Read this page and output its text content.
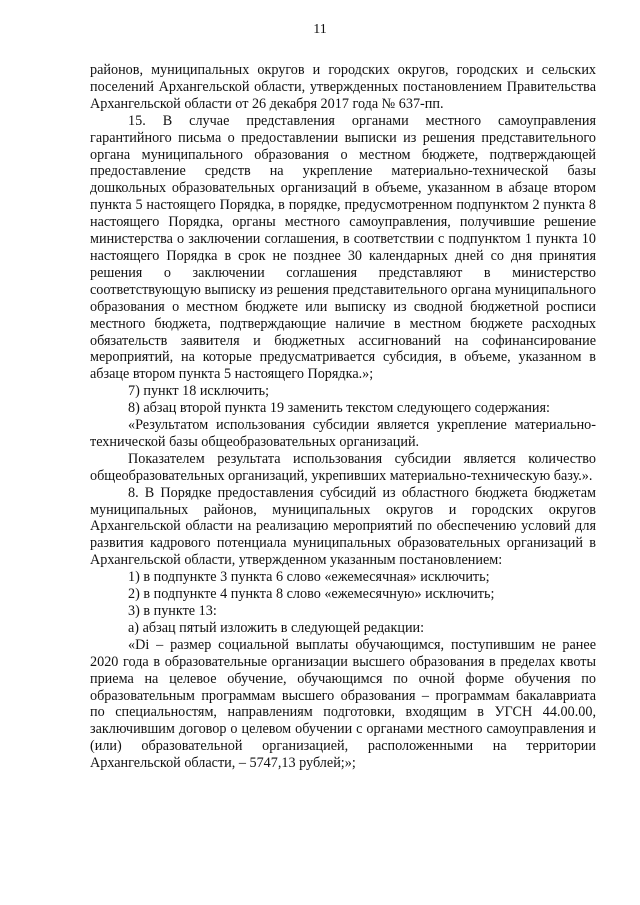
11

районов, муниципальных округов и городских округов, городских и сельских поселений Архангельской области, утвержденных постановлением Правительства Архангельской области от 26 декабря 2017 года № 637-пп.

15. В случае представления органами местного самоуправления гарантийного письма о предоставлении выписки из решения представительного органа муниципального образования о местном бюджете, подтверждающей предоставление средств на укрепление материально-технической базы дошкольных образовательных организаций в объеме, указанном в абзаце втором пункта 5 настоящего Порядка, в порядке, предусмотренном подпунктом 2 пункта 8 настоящего Порядка, органы местного самоуправления, получившие решение министерства о заключении соглашения, в соответствии с подпунктом 1 пункта 10 настоящего Порядка в срок не позднее 30 календарных дней со дня принятия решения о заключении соглашения представляют в министерство соответствующую выписку из решения представительного органа муниципального образования о местном бюджете или выписку из сводной бюджетной росписи местного бюджета, подтверждающие наличие в местном бюджете расходных обязательств заявителя и бюджетных ассигнований на софинансирование мероприятий, на которые предусматривается субсидия, в объеме, указанном в абзаце втором пункта 5 настоящего Порядка.»;

7) пункт 18 исключить;

8) абзац второй пункта 19 заменить текстом следующего содержания:

«Результатом использования субсидии является укрепление материально-технической базы общеобразовательных организаций.

Показателем результата использования субсидии является количество общеобразовательных организаций, укрепивших материально-техническую базу.».

8. В Порядке предоставления субсидий из областного бюджета бюджетам муниципальных районов, муниципальных округов и городских округов Архангельской области на реализацию мероприятий по обеспечению условий для развития кадрового потенциала муниципальных образовательных организаций в Архангельской области, утвержденном указанным постановлением:

1) в подпункте 3 пункта 6 слово «ежемесячная» исключить;

2) в подпункте 4 пункта 8 слово «ежемесячную» исключить;

3) в пункте 13:

а) абзац пятый изложить в следующей редакции:

«Di – размер социальной выплаты обучающимся, поступившим не ранее 2020 года в образовательные организации высшего образования в пределах квоты приема на целевое обучение, обучающимся по очной форме обучения по образовательным программам высшего образования – программам бакалавриата по специальностям, направлениям подготовки, входящим в УГСН 44.00.00, заключившим договор о целевом обучении с органами местного самоуправления и (или) образовательной организацией, расположенными на территории Архангельской области, – 5747,13 рублей;»;
